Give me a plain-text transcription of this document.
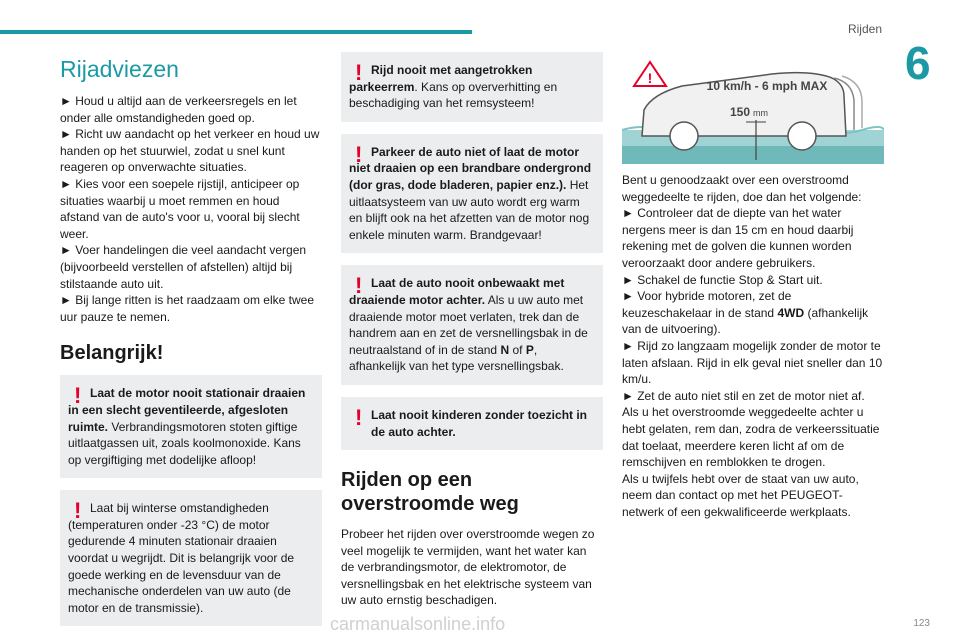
Rijden
6
Rijadviezen

► Houd u altijd aan de verkeersregels en let onder alle omstandigheden goed op.

► Richt uw aandacht op het verkeer en houd uw handen op het stuurwiel, zodat u snel kunt reageren op onverwachte situaties.

► Kies voor een soepele rijstijl, anticipeer op situaties waarbij u moet remmen en houd afstand van de auto's voor u, vooral bij slecht weer.

► Voer handelingen die veel aandacht vergen (bijvoorbeeld verstellen of afstellen) altijd bij stilstaande auto uit.

► Bij lange ritten is het raadzaam om elke twee uur pauze te nemen.

Belangrijk!
! Laat de motor nooit stationair draaien in een slecht geventileerde, afgesloten ruimte. Verbrandingsmotoren stoten giftige uitlaatgassen uit, zoals koolmonoxide. Kans op vergiftiging met dodelijke afloop!

! Laat bij winterse omstandigheden (temperaturen onder -23 °C) de motor gedurende 4 minuten stationair draaien voordat u wegrijdt. Dit is belangrijk voor de goede werking en de levensduur van de mechanische onderdelen van uw auto (de motor en de transmissie).

! Rijd nooit met aangetrokken parkeerrem. Kans op oververhitting en beschadiging van het remsysteem!

! Parkeer de auto niet of laat de motor niet draaien op een brandbare ondergrond (dor gras, dode bladeren, papier enz.). Het uitlaatsysteem van uw auto wordt erg warm en blijft ook na het afzetten van de motor nog enkele minuten warm. Brandgevaar!

! Laat de auto nooit onbewaakt met draaiende motor achter. Als u uw auto met draaiende motor moet verlaten, trek dan de handrem aan en zet de versnellingsbak in de neutraalstand of in de stand N of P, afhankelijk van het type versnellingsbak.

! Laat nooit kinderen zonder toezicht in de auto achter.

Rijden op een overstroomde weg

Probeer het rijden over overstroomde wegen zo veel mogelijk te vermijden, want het water kan de verbrandingsmotor, de elektromotor, de versnellingsbak en het elektrische systeem van uw auto ernstig beschadigen.

!	10 km/h - 6 mph MAX
150 mm

Bent u genoodzaakt over een overstroomd weggedeelte te rijden, doe dan het volgende:

► Controleer dat de diepte van het water nergens meer is dan 15 cm en houd daarbij rekening met de golven die kunnen worden veroorzaakt door andere gebruikers.

► Schakel de functie Stop & Start uit.

► Voor hybride motoren, zet de keuzeschakelaar in de stand 4WD (afhankelijk van de uitvoering).

► Rijd zo langzaam mogelijk zonder de motor te laten afslaan. Rijd in elk geval niet sneller dan 10 km/u.

► Zet de auto niet stil en zet de motor niet af.

Als u het overstroomde weggedeelte achter u hebt gelaten, rem dan, zodra de verkeerssituatie dat toelaat, meerdere keren licht af om de remschijven en remblokken te drogen.

Als u twijfels hebt over de staat van uw auto, neem dan contact op met het PEUGEOT-netwerk of een gekwalificeerde werkplaats.

carmanualsonline.info	123
